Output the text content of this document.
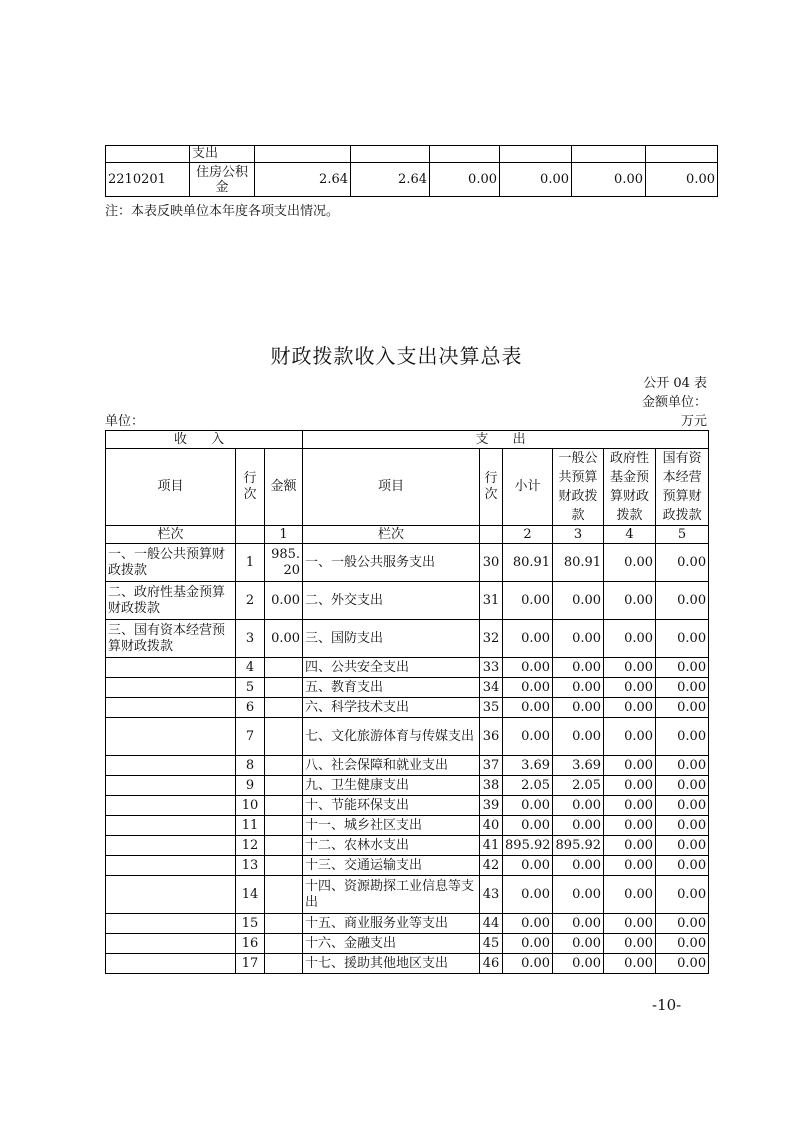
	支出						
2210201	住房公积金	2.64	2.64	0.00	0.00	0.00	0.00
注：本表反映单位本年度各项支出情况。
财政拨款收入支出决算总表
公开 04 表
金额单位：
单位：	万元
收 入			支 出					
项目	行次	金额	项目	行次	小计	一般公共预算财政拨款	政府性基金预算财政拨款	国有资本经营预算财政拨款
栏次		1	栏次		2	3	4	5
一、一般公共预算财政拨款	1	985.20	一、一般公共服务支出	30	80.91	80.91	0.00	0.00
二、政府性基金预算财政拨款	2	0.00	二、外交支出	31	0.00	0.00	0.00	0.00
三、国有资本经营预算财政拨款	3	0.00	三、国防支出	32	0.00	0.00	0.00	0.00
	4		四、公共安全支出	33	0.00	0.00	0.00	0.00
	5		五、教育支出	34	0.00	0.00	0.00	0.00
	6		六、科学技术支出	35	0.00	0.00	0.00	0.00
	7		七、文化旅游体育与传媒支出	36	0.00	0.00	0.00	0.00
	8		八、社会保障和就业支出	37	3.69	3.69	0.00	0.00
	9		九、卫生健康支出	38	2.05	2.05	0.00	0.00
	10		十、节能环保支出	39	0.00	0.00	0.00	0.00
	11		十一、城乡社区支出	40	0.00	0.00	0.00	0.00
	12		十二、农林水支出	41	895.92	895.92	0.00	0.00
	13		十三、交通运输支出	42	0.00	0.00	0.00	0.00
	14		十四、资源勘探工业信息等支出	43	0.00	0.00	0.00	0.00
	15		十五、商业服务业等支出	44	0.00	0.00	0.00	0.00
	16		十六、金融支出	45	0.00	0.00	0.00	0.00
	17		十七、援助其他地区支出	46	0.00	0.00	0.00	0.00
-10-
